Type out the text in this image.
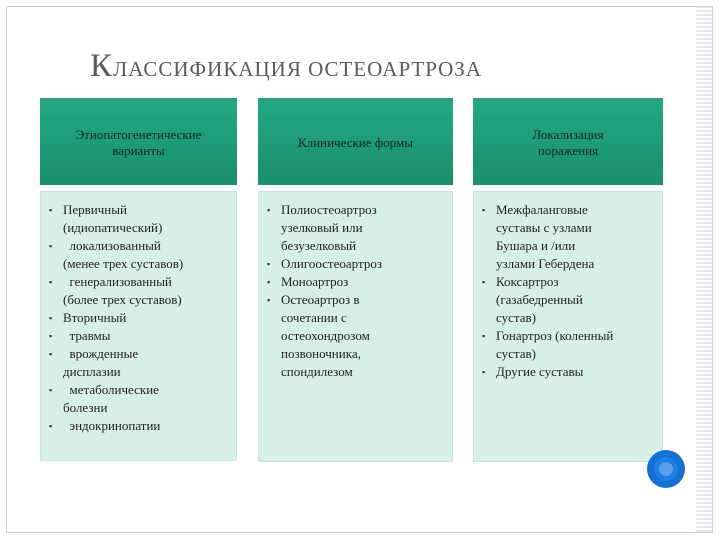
КЛАССИФИКАЦИЯ ОСТЕОАРТРОЗА
Этиопатогенетические
варианты
Клинические формы
Локализация
поражения
▪ Первичный
(идиопатический)
▪   локализованный
(менее трех суставов)
▪   генерализованный
(более трех суставов)
▪ Вторичный
▪   травмы
▪   врожденные
дисплазии
▪   метаболические
болезни
▪   эндокринопатии
▪ Полиостеоартроз
узелковый или
безузелковый
▪ Олигоостеоартроз
▪ Моноартроз
▪ Остеоартроз в
сочетании с
остеохондрозом
позвоночника,
спондилезом
▪ Межфаланговые
суставы с узлами
Бушара и /или
узлами Гебердена
▪ Коксартроз
(газабедренный
сустав)
▪ Гонартроз (коленный
сустав)
▪ Другие суставы
